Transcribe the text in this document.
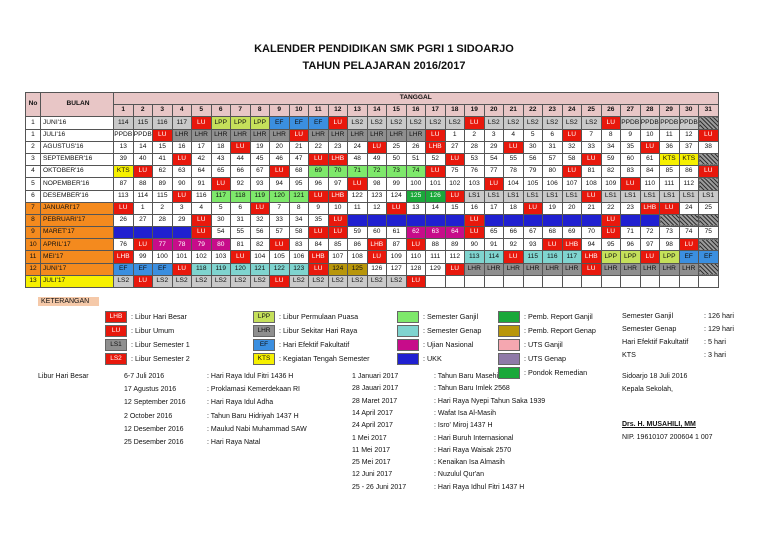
KALENDER PENDIDIKAN SMK PGRI 1 SIDOARJO
TAHUN PELAJARAN 2016/2017
No	BULAN	TANGGAL																														
		1	2	3	4	5	6	7	8	9	10	11	12	13	14	15	16	17	18	19	20	21	22	23	24	25	26	27	28	29	30	31
1	JUNI'16	114	115	116	117	LU	LPP	LPP	LPP	EF	EF	EF	LU	LS2	LS2	LS2	LS2	LS2	LS2	LU	LS2	LS2	LS2	LS2	LS2	LS2	LU	PPDB	PPDB	PPDB	PPDB	
1	JULI'16	PPDB	PPDB	LU	LHR	LHR	LHR	LHR	LHR	LHR	LU	LHR	LHR	LHR	LHR	LHR	LHR	LU	1	2	3	4	5	6	LU	7	8	9	10	11	12	LU
2	AGUSTUS'16	13	14	15	16	17	18	LU	19	20	21	22	23	24	LU	25	26	LHB	27	28	29	LU	30	31	32	33	34	35	LU	36	37	38
3	SEPTEMBER'16	39	40	41	LU	42	43	44	45	46	47	LU	LHB	48	49	50	51	52	LU	53	54	55	56	57	58	LU	59	60	61	KTS	KTS	
4	OKTOBER'16	KTS	LU	62	63	64	65	66	67	LU	68	69	70	71	72	73	74	LU	75	76	77	78	79	80	LU	81	82	83	84	85	86	LU
5	NOPEMBER'16	87	88	89	90	91	LU	92	93	94	95	96	97	LU	98	99	100	101	102	103	LU	104	105	106	107	108	109	LU	110	111	112	
6	DESEMBER'16	113	114	115	LU	116	117	118	119	120	121	LU	LHB	122	123	124	125	126	LU	LS1	LS1	LS1	LS1	LS1	LS1	LU	LS1	LS1	LS1	LS1	LS1	LS1
7	JANUARI'17	LU	1	2	3	4	5	6	LU	7	8	9	10	11	12	LU	13	14	15	16	17	18	LU	19	20	21	22	23	LHB	LU	24	25
8	PEBRUARI'17	26	27	28	29	LU	30	31	32	33	34	35	LU							LU							LU					
9	MARET'17					LU	54	55	56	57	58	LU	LU	59	60	61	62	63	64	LU	65	66	67	68	69	70	LU	71	72	73	74	75
10	APRIL'17	76	LU	77	78	79	80	81	82	LU	83	84	85	86	LHB	87	LU	88	89	90	91	92	93	LU	LHB	94	95	96	97	98	LU	
11	MEI'17	LHB	99	100	101	102	103	LU	104	105	106	LHB	107	108	LU	109	110	111	112	113	114	LU	115	116	117	LHB	LPP	LPP	LU	LPP	EF	EF
12	JUNI'17	EF	EF	EF	LU	118	119	120	121	122	123	LU	124	125	126	127	128	129	LU	LHR	LHR	LHR	LHR	LHR	LHR	LU	LHR	LHR	LHR	LHR	LHR	
13	JULI'17	LS2	LU	LS2	LS2	LS2	LS2	LS2	LS2	LU	LS2	LS2	LS2	LS2	LS2	LS2	LU															
KETERANGAN
LHB	: Libur Hari Besar
LU	: Libur Umum
LS1	: Libur Semester 1
LS2	: Libur Semester 2
LPP	: Libur Permulaan Puasa
LHR	: Libur Sekitar Hari Raya
EF	: Hari Efektif Fakultatif
KTS	: Kegiatan Tengah Semester
: Semester Ganjil
: Semester Genap
: Ujian Nasional
: UKK
: Pemb. Report Ganjil
: Pemb. Report Genap
: UTS Ganjil
: UTS Genap
: Pondok Remedian
Semester Ganjil	: 126 hari
Semester Genap	: 129 hari
Hari Efektif Fakultatif : 5 hari
KTS	: 3 hari
Libur Hari Besar	6-7 Juli 2016	: Hari Raya Idul Fitri 1436 H
17 Agustus 2016	: Proklamasi Kemerdekaan RI
12 September 2016	: Hari Raya Idul Adha
2 October 2016	: Tahun Baru Hidriyah 1437 H
12 Desember 2016	: Maulud Nabi Muhammad SAW
25 Desember 2016	: Hari Raya Natal
1 Januari 2017	: Tahun Baru Masehi
28 Jauari 2017	: Tahun Baru Imlek 2568
28 Maret 2017	: Hari Raya Nyepi Tahun Saka 1939
14 April 2017	: Wafat Isa Al-Masih
24 April 2017	: Isro' Miroj 1437 H
1 Mei 2017	: Hari Buruh Internasional
11 Mei 2017	: Hari Raya Waisak 2570
25 Mei 2017	: Kenaikan Isa Almasih
12 Juni 2017	: Nuzulul Qur'an
25 - 26 Juni 2017	: Hari Raya Idhul Fitri 1437 H
Sidoarjo 18 Juli 2016
Kepala Sekolah,
Drs. H. MUSAHILI, MM
NIP. 19610107 200604 1 007
